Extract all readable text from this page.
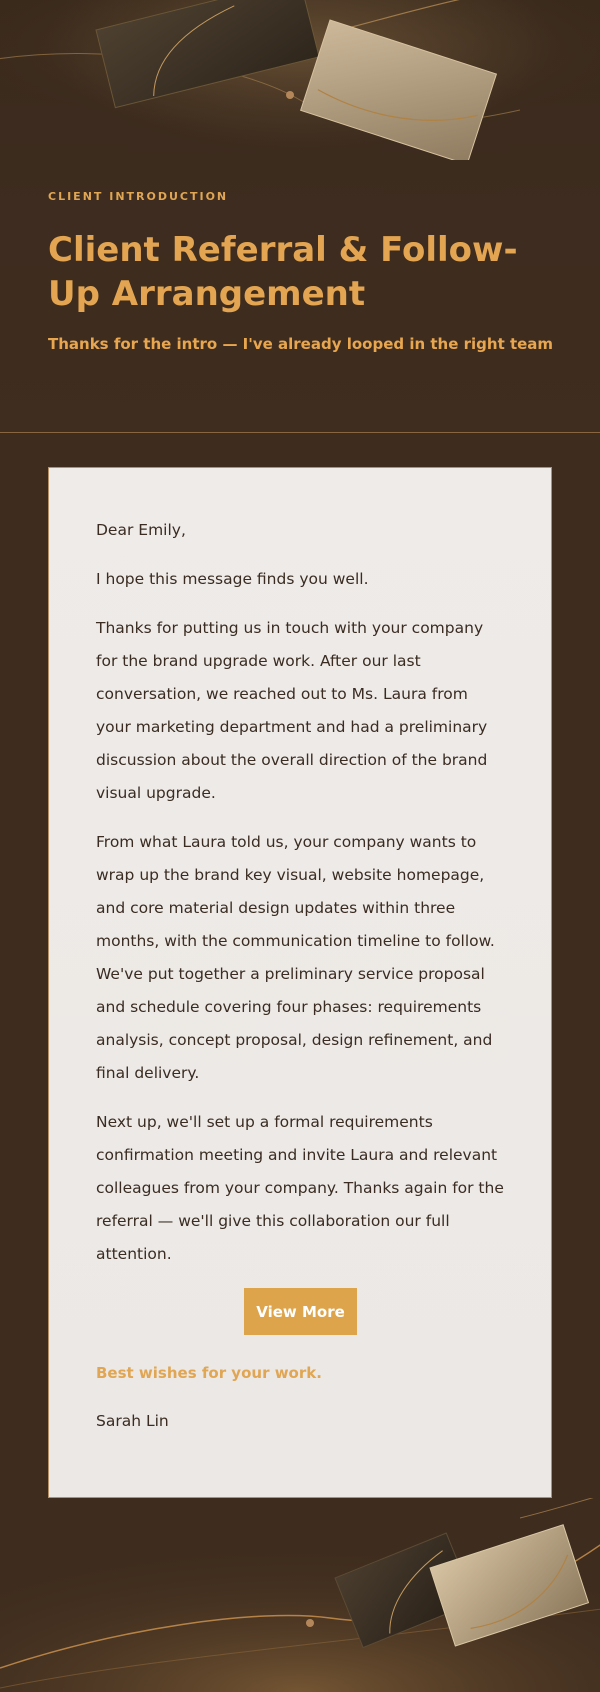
CLIENT INTRODUCTION
Client Referral & Follow-Up Arrangement
Thanks for the intro — I've already looped in the right team

Dear Emily,

I hope this message finds you well.

Thanks for putting us in touch with your company for the brand upgrade work. After our last conversation, we reached out to Ms. Laura from your marketing department and had a preliminary discussion about the overall direction of the brand visual upgrade.

From what Laura told us, your company wants to wrap up the brand key visual, website homepage, and core material design updates within three months, with the communication timeline to follow. We've put together a preliminary service proposal and schedule covering four phases: requirements analysis, concept proposal, design refinement, and final delivery.

Next up, we'll set up a formal requirements confirmation meeting and invite Laura and relevant colleagues from your company. Thanks again for the referral — we'll give this collaboration our full attention.

View More
Best wishes for your work.
Sarah Lin
